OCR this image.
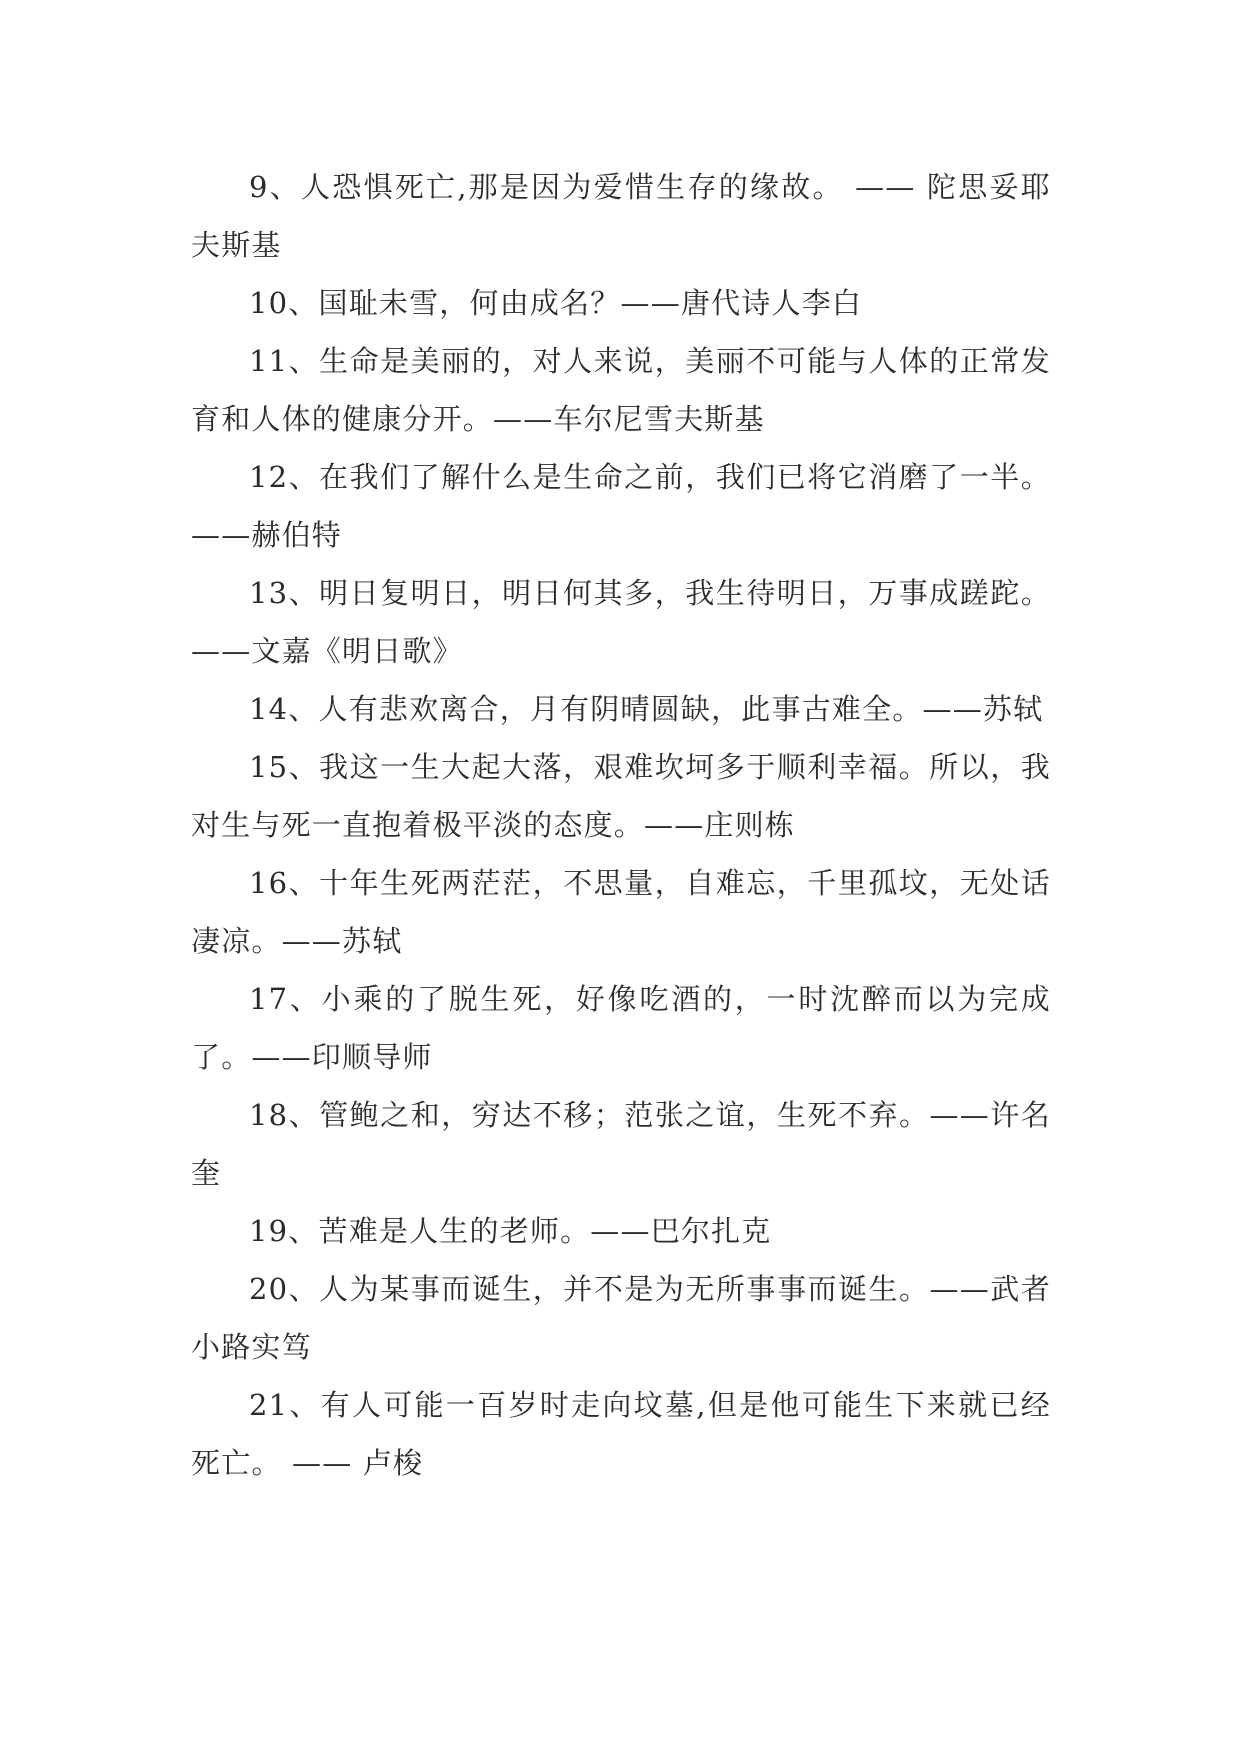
9、人恐惧死亡,那是因为爱惜生存的缘故。 —— 陀思妥耶夫斯基

10、国耻未雪，何由成名？——唐代诗人李白

11、生命是美丽的，对人来说，美丽不可能与人体的正常发育和人体的健康分开。——车尔尼雪夫斯基

12、在我们了解什么是生命之前，我们已将它消磨了一半。——赫伯特

13、明日复明日，明日何其多，我生待明日，万事成蹉跎。——文嘉《明日歌》

14、人有悲欢离合，月有阴晴圆缺，此事古难全。——苏轼

15、我这一生大起大落，艰难坎坷多于顺利幸福。所以，我对生与死一直抱着极平淡的态度。——庄则栋

16、十年生死两茫茫，不思量，自难忘，千里孤坟，无处话凄凉。——苏轼

17、小乘的了脱生死，好像吃酒的，一时沈醉而以为完成了。——印顺导师

18、管鲍之和，穷达不移；范张之谊，生死不弃。——许名奎

19、苦难是人生的老师。——巴尔扎克

20、人为某事而诞生，并不是为无所事事而诞生。——武者小路实笃

21、有人可能一百岁时走向坟墓,但是他可能生下来就已经死亡。 —— 卢梭
